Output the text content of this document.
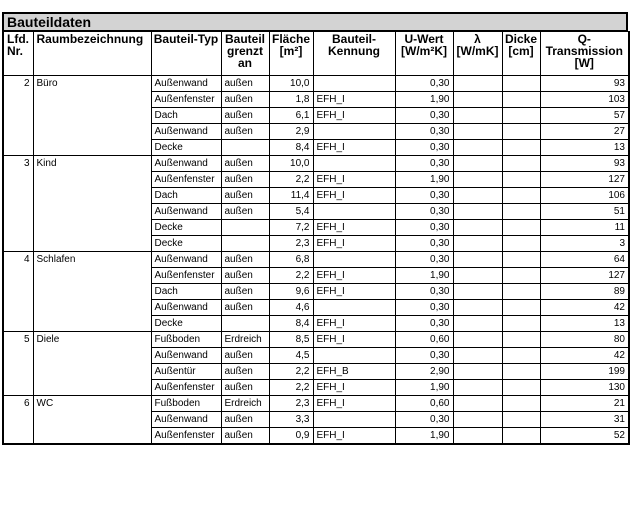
Bauteildaten
Lfd. Nr.	Raumbezeichnung	Bauteil-Typ	Bauteil grenzt an	Fläche [m²]	Bauteil-Kennung	U-Wert [W/m²K]	λ [W/mK]	Dicke [cm]	Q-Transmission [W]
2	Büro	Außenwand	außen	10,0		0,30			93
		Außenfenster	außen	1,8	EFH_I	1,90			103
		Dach	außen	6,1	EFH_I	0,30			57
		Außenwand	außen	2,9		0,30			27
		Decke		8,4	EFH_I	0,30			13
3	Kind	Außenwand	außen	10,0		0,30			93
		Außenfenster	außen	2,2	EFH_I	1,90			127
		Dach	außen	11,4	EFH_I	0,30			106
		Außenwand	außen	5,4		0,30			51
		Decke		7,2	EFH_I	0,30			11
		Decke		2,3	EFH_I	0,30			3
4	Schlafen	Außenwand	außen	6,8		0,30			64
		Außenfenster	außen	2,2	EFH_I	1,90			127
		Dach	außen	9,6	EFH_I	0,30			89
		Außenwand	außen	4,6		0,30			42
		Decke		8,4	EFH_I	0,30			13
5	Diele	Fußboden	Erdreich	8,5	EFH_I	0,60			80
		Außenwand	außen	4,5		0,30			42
		Außentür	außen	2,2	EFH_B	2,90			199
		Außenfenster	außen	2,2	EFH_I	1,90			130
6	WC	Fußboden	Erdreich	2,3	EFH_I	0,60			21
		Außenwand	außen	3,3		0,30			31
		Außenfenster	außen	0,9	EFH_I	1,90			52
